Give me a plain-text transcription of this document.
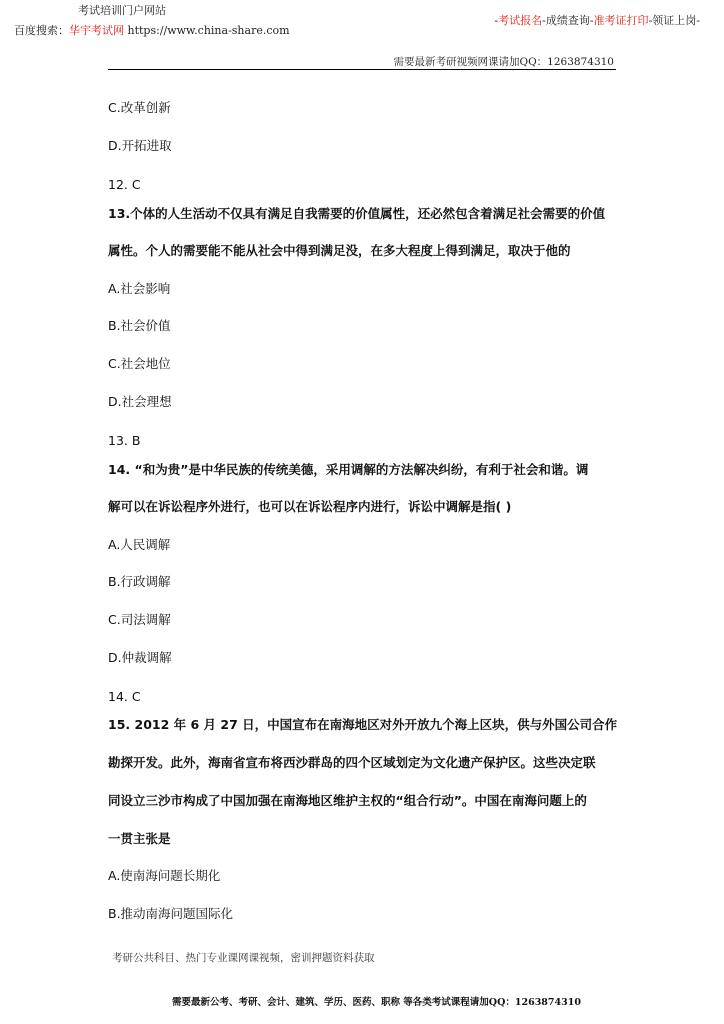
考试培训门户网站
百度搜索：华宇考试网 https://www.china-share.com
-考试报名-成绩查询-准考证打印-领证上岗-
需要最新考研视频网课请加QQ：1263874310
C.改革创新
D.开拓进取
12. C
13.个体的人生活动不仅具有满足自我需要的价值属性，还必然包含着满足社会需要的价值
属性。个人的需要能不能从社会中得到满足没，在多大程度上得到满足，取决于他的
A.社会影响
B.社会价值
C.社会地位
D.社会理想
13. B
14. “和为贵”是中华民族的传统美德，采用调解的方法解决纠纷，有利于社会和谐。调
解可以在诉讼程序外进行，也可以在诉讼程序内进行，诉讼中调解是指( )
A.人民调解
B.行政调解
C.司法调解
D.仲裁调解
14. C
15. 2012 年 6 月 27 日，中国宣布在南海地区对外开放九个海上区块，供与外国公司合作
勘探开发。此外，海南省宣布将西沙群岛的四个区域划定为文化遗产保护区。这些决定联
同设立三沙市构成了中国加强在南海地区维护主权的“组合行动”。中国在南海问题上的
一贯主张是
A.使南海问题长期化
B.推动南海问题国际化
考研公共科目、热门专业课网课视频，密训押题资料获取
需要最新公考、考研、会计、建筑、学历、医药、职称 等各类考试课程请加QQ：1263874310
